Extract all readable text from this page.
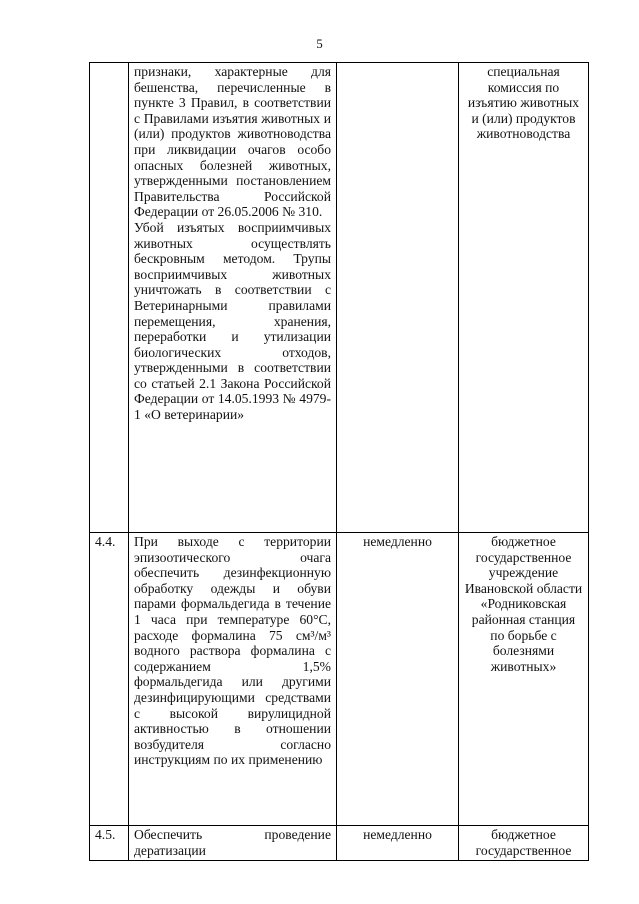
5

	признаки, характерные для бешенства, перечисленные в пункте 3 Правил, в соответствии с Правилами изъятия животных и (или) продуктов животноводства при ликвидации очагов особо опасных болезней животных, утвержденными постановлением Правительства Российской Федерации от 26.05.2006 № 310.

Убой изъятых восприимчивых животных осуществлять бескровным методом. Трупы восприимчивых животных уничтожать в соответствии с Ветеринарными правилами перемещения, хранения, переработки и утилизации биологических отходов, утвержденными в соответствии со статьей 2.1 Закона Российской Федерации от 14.05.1993 № 4979-1 «О ветеринарии»		специальная комиссия по изъятию животных и (или) продуктов животноводства
4.4.	При выходе с территории эпизоотического очага обеспечить дезинфекционную обработку одежды и обуви парами формальдегида в течение 1 часа при температуре 60°С, расходе формалина 75 см³/м³ водного раствора формалина с содержанием 1,5% формальдегида или другими дезинфицирующими средствами с высокой вирулицидной активностью в отношении возбудителя согласно инструкциям по их применению	немедленно	бюджетное государственное учреждение Ивановской области «Родниковская районная станция по борьбе с болезнями животных»
4.5.	Обеспечить проведение дератизации	немедленно	бюджетное государственное
